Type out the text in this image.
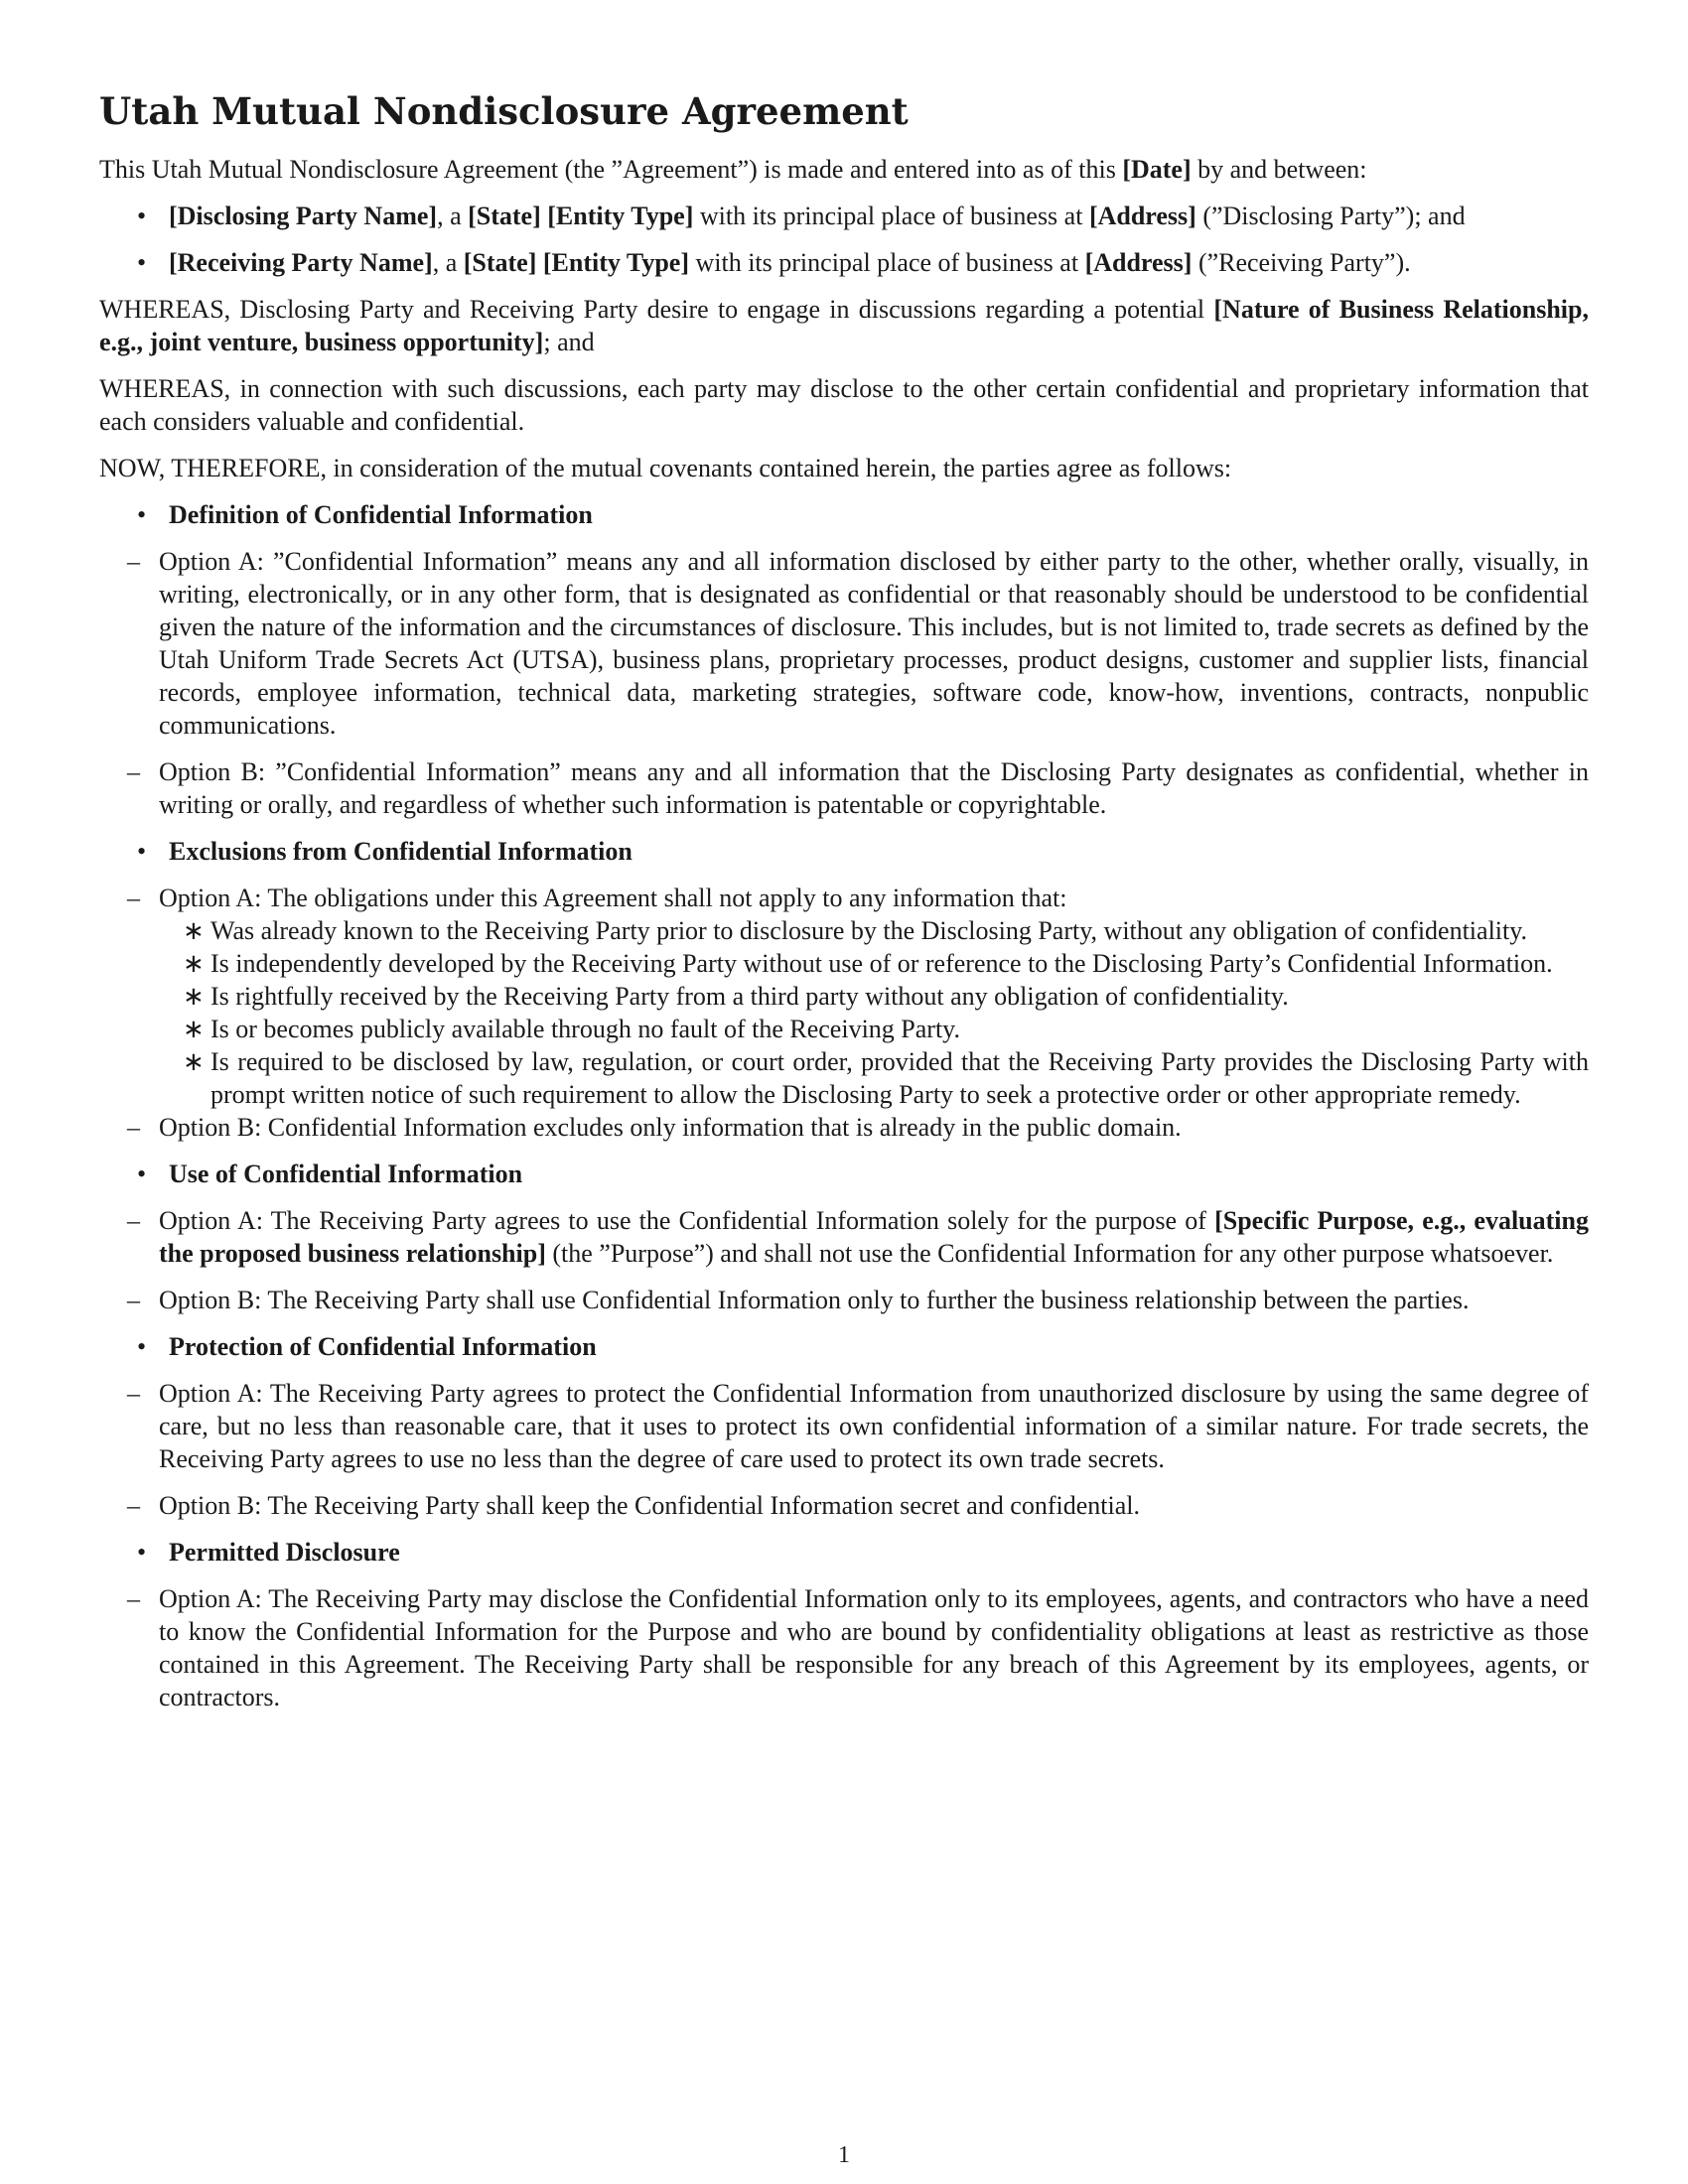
Utah Mutual Nondisclosure Agreement

This Utah Mutual Nondisclosure Agreement (the ”Agreement”) is made and entered into as of this [Date] by and between:

• [Disclosing Party Name], a [State] [Entity Type] with its principal place of business at [Address] (”Disclosing Party”); and
• [Receiving Party Name], a [State] [Entity Type] with its principal place of business at [Address] (”Receiving Party”).

WHEREAS, Disclosing Party and Receiving Party desire to engage in discussions regarding a potential [Nature of Business Relationship, e.g., joint venture, business opportunity]; and

WHEREAS, in connection with such discussions, each party may disclose to the other certain confidential and proprietary information that each considers valuable and confidential.

NOW, THEREFORE, in consideration of the mutual covenants contained herein, the parties agree as follows:

• Definition of Confidential Information
– Option A: ”Confidential Information” means any and all information disclosed by either party to the other, whether orally, visually, in writing, electronically, or in any other form, that is designated as confidential or that reasonably should be understood to be confidential given the nature of the information and the circumstances of disclosure. This includes, but is not limited to, trade secrets as defined by the Utah Uniform Trade Secrets Act (UTSA), business plans, proprietary processes, product designs, customer and supplier lists, financial records, employee information, technical data, marketing strategies, software code, know-how, inventions, contracts, nonpublic communications.
– Option B: ”Confidential Information” means any and all information that the Disclosing Party designates as confidential, whether in writing or orally, and regardless of whether such information is patentable or copyrightable.
• Exclusions from Confidential Information
– Option A: The obligations under this Agreement shall not apply to any information that:
∗ Was already known to the Receiving Party prior to disclosure by the Disclosing Party, without any obligation of confidentiality.
∗ Is independently developed by the Receiving Party without use of or reference to the Disclosing Party’s Confidential Information.
∗ Is rightfully received by the Receiving Party from a third party without any obligation of confidentiality.
∗ Is or becomes publicly available through no fault of the Receiving Party.
∗ Is required to be disclosed by law, regulation, or court order, provided that the Receiving Party provides the Disclosing Party with prompt written notice of such requirement to allow the Disclosing Party to seek a protective order or other appropriate remedy.
– Option B: Confidential Information excludes only information that is already in the public domain.
• Use of Confidential Information
– Option A: The Receiving Party agrees to use the Confidential Information solely for the purpose of [Specific Purpose, e.g., evaluating the proposed business relationship] (the ”Purpose”) and shall not use the Confidential Information for any other purpose whatsoever.
– Option B: The Receiving Party shall use Confidential Information only to further the business relationship between the parties.
• Protection of Confidential Information
– Option A: The Receiving Party agrees to protect the Confidential Information from unauthorized disclosure by using the same degree of care, but no less than reasonable care, that it uses to protect its own confidential information of a similar nature. For trade secrets, the Receiving Party agrees to use no less than the degree of care used to protect its own trade secrets.
– Option B: The Receiving Party shall keep the Confidential Information secret and confidential.
• Permitted Disclosure
– Option A: The Receiving Party may disclose the Confidential Information only to its employees, agents, and contractors who have a need to know the Confidential Information for the Purpose and who are bound by confidentiality obligations at least as restrictive as those contained in this Agreement. The Receiving Party shall be responsible for any breach of this Agreement by its employees, agents, or contractors.
1
